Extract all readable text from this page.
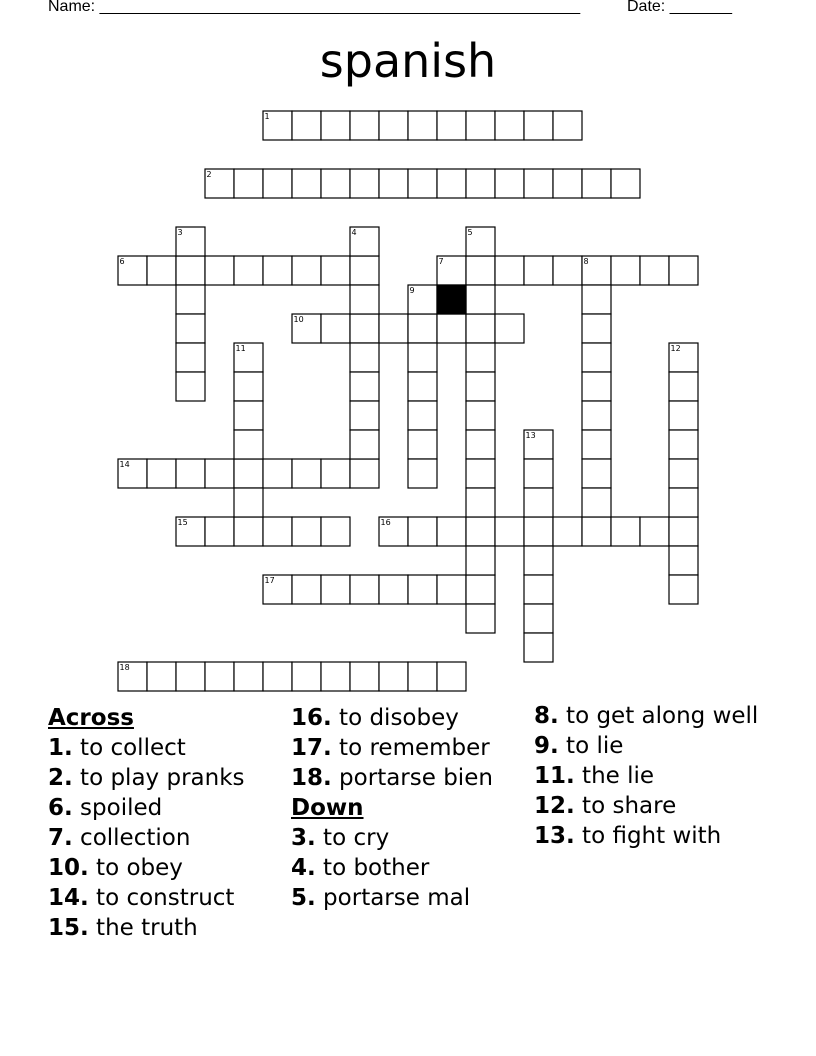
Name: ______________________________________________________	Date: _______
spanish
1
2
6	7
10
14
15	16
17
18
3	4	5
8
9
11	12
13
Across
1. to collect
2. to play pranks
6. spoiled
7. collection
10. to obey
14. to construct
15. the truth
16. to disobey
17. to remember
18. portarse bien
Down
3. to cry
4. to bother
5. portarse mal
8. to get along well
9. to lie
11. the lie
12. to share
13. to fight with
